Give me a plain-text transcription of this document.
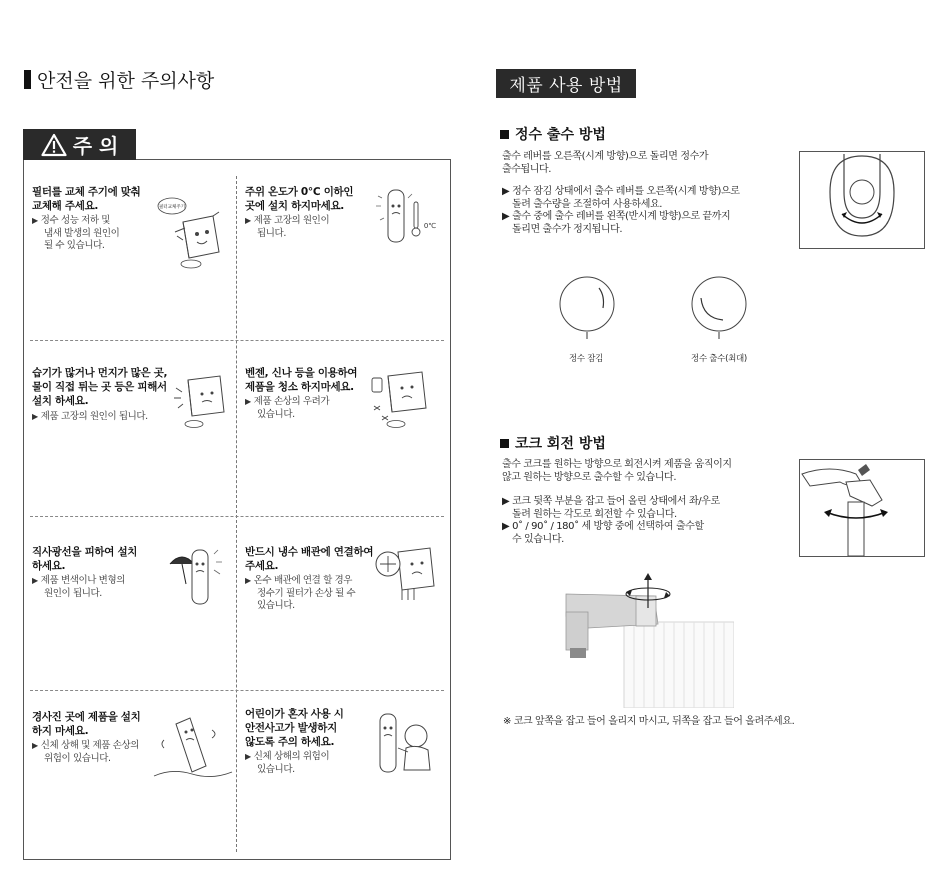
안전을 위한 주의사항
주 의
필터를 교체 주기에 맞춰
교체해 주세요.
▶ 정수 성능 저하 및
냄새 발생의 원인이
될 수 있습니다.
필터교체주기
주위 온도가 0℃ 이하인
곳에 설치 하지마세요.
▶ 제품 고장의 원인이
됩니다.
0℃
습기가 많거나 먼지가 많은 곳,
물이 직접 튀는 곳 등은 피해서
설치 하세요.
▶ 제품 고장의 원인이 됩니다.
벤젠, 신나 등을 이용하여
제품을 청소 하지마세요.
▶ 제품 손상의 우려가
있습니다.
직사광선을 피하여 설치
하세요.
▶ 제품 변색이나 변형의
원인이 됩니다.
반드시 냉수 배관에 연결하여
주세요.
▶ 온수 배관에 연결 할 경우
정수기 필터가 손상 될 수
있습니다.
경사진 곳에 제품을 설치
하지 마세요.
▶ 신체 상해 및 제품 손상의
위험이 있습니다.
어린이가 혼자 사용 시
안전사고가 발생하지
않도록 주의 하세요.
▶ 신체 상해의 위험이
있습니다.
제품 사용 방법
정수 출수 방법
출수 레버를 오른쪽(시계 방향)으로 돌리면 정수가
출수됩니다.
▶ 정수 잠김 상태에서 출수 레버를 오른쪽(시계 방향)으로
돌려 출수량을 조절하여 사용하세요.
▶ 출수 중에 출수 레버를 왼쪽(반시계 방향)으로 끝까지
돌리면 출수가 정지됩니다.
정수 잠김	정수 출수(최대)
코크 회전 방법
출수 코크를 원하는 방향으로 회전시켜 제품을 움직이지
않고 원하는 방향으로 출수할 수 있습니다.
▶ 코크 뒷쪽 부분을 잡고 들어 올린 상태에서 좌/우로
돌려 원하는 각도로 회전할 수 있습니다.
▶ 0˚ / 90˚ / 180˚ 세 방향 중에 선택하여 출수할
수 있습니다.
※ 코크 앞쪽을 잡고 들어 올리지 마시고, 뒤쪽을 잡고 들어 올려주세요.
